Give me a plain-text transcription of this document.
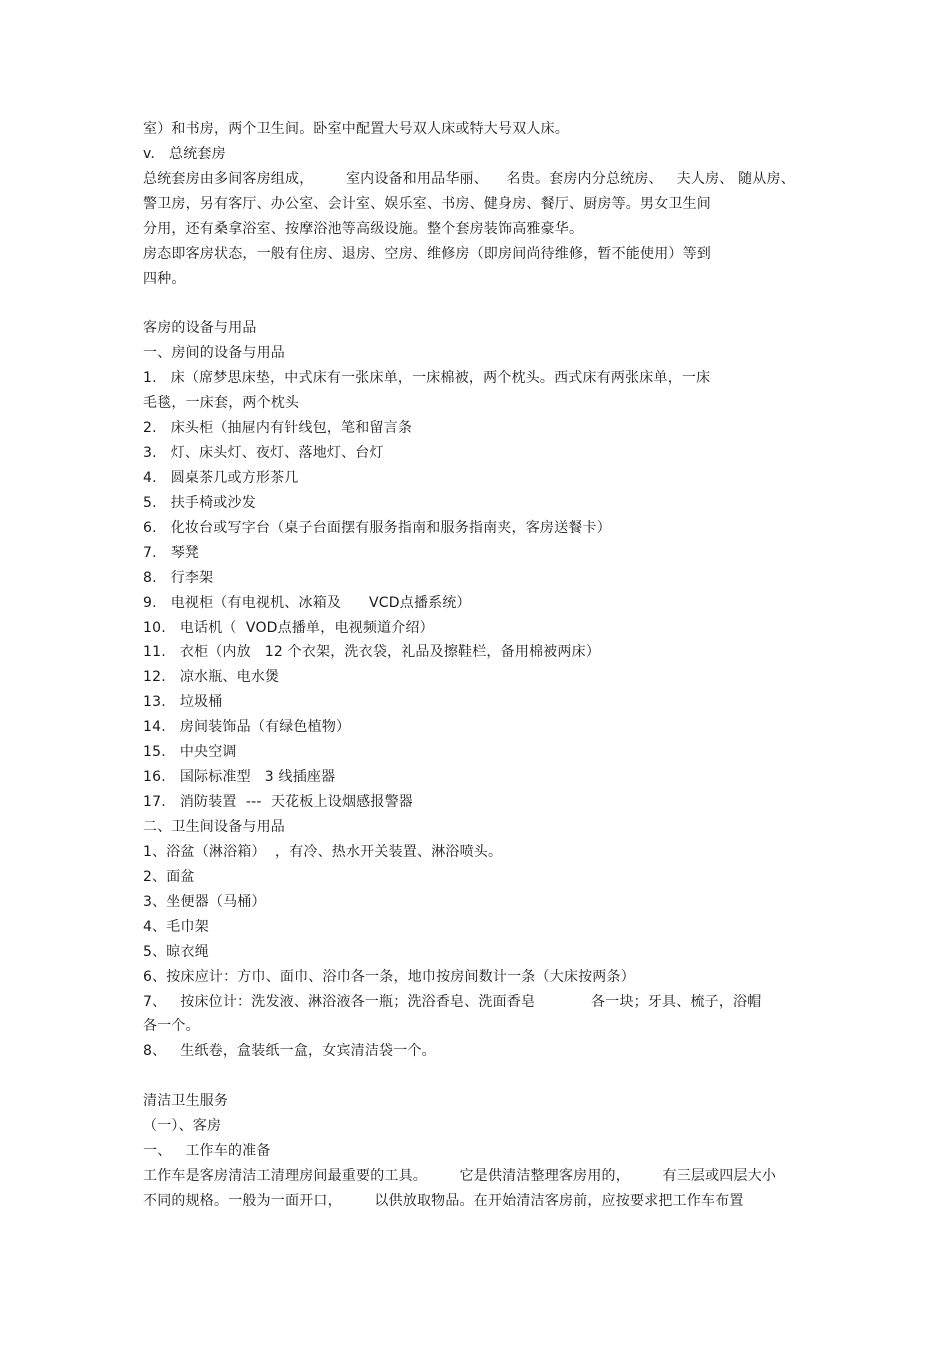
室）和书房，两个卫生间。卧室中配置大号双人床或特大号双人床。
v.   总统套房
总统套房由多间客房组成，       室内设备和用品华丽、    名贵。套房内分总统房、   夫人房、 随从房、
警卫房，另有客厅、办公室、会计室、娱乐室、书房、健身房、餐厅、厨房等。男女卫生间
分用，还有桑拿浴室、按摩浴池等高级设施。整个套房装饰高雅豪华。
房态即客房状态，一般有住房、退房、空房、维修房（即房间尚待维修，暂不能使用）等到
四种。
客房的设备与用品
一、房间的设备与用品
1.   床（席梦思床垫，中式床有一张床单，一床棉被，两个枕头。西式床有两张床单，一床
毛毯，一床套，两个枕头
2.   床头柜（抽屉内有针线包，笔和留言条
3.   灯、床头灯、夜灯、落地灯、台灯
4.   圆桌茶几或方形茶几
5.   扶手椅或沙发
6.   化妆台或写字台（桌子台面摆有服务指南和服务指南夹，客房送餐卡）
7.   琴凳
8.   行李架
9.   电视柜（有电视机、冰箱及      VCD点播系统）
10.   电话机（  VOD点播单，电视频道介绍）
11.   衣柜（内放   12 个衣架，洗衣袋，礼品及擦鞋栏，备用棉被两床）
12.   凉水瓶、电水煲
13.   垃圾桶
14.   房间装饰品（有绿色植物）
15.   中央空调
16.   国际标准型   3 线插座器
17.   消防装置  ---  天花板上设烟感报警器
二、卫生间设备与用品
1、浴盆（淋浴箱）  ，有冷、热水开关装置、淋浴喷头。
2、面盆
3、坐便器（马桶）
4、毛巾架
5、晾衣绳
6、按床应计：方巾、面巾、浴巾各一条，地巾按房间数计一条（大床按两条）
7、   按床位计：洗发液、淋浴液各一瓶；洗浴香皂、洗面香皂            各一块；牙具、梳子，浴帽
各一个。
8、   生纸卷，盒装纸一盒，女宾清洁袋一个。
清洁卫生服务
（一）、客房
一、   工作车的准备
工作车是客房清洁工清理房间最重要的工具。       它是供清洁整理客房用的，       有三层或四层大小
不同的规格。一般为一面开口，       以供放取物品。在开始清洁客房前，应按要求把工作车布置
